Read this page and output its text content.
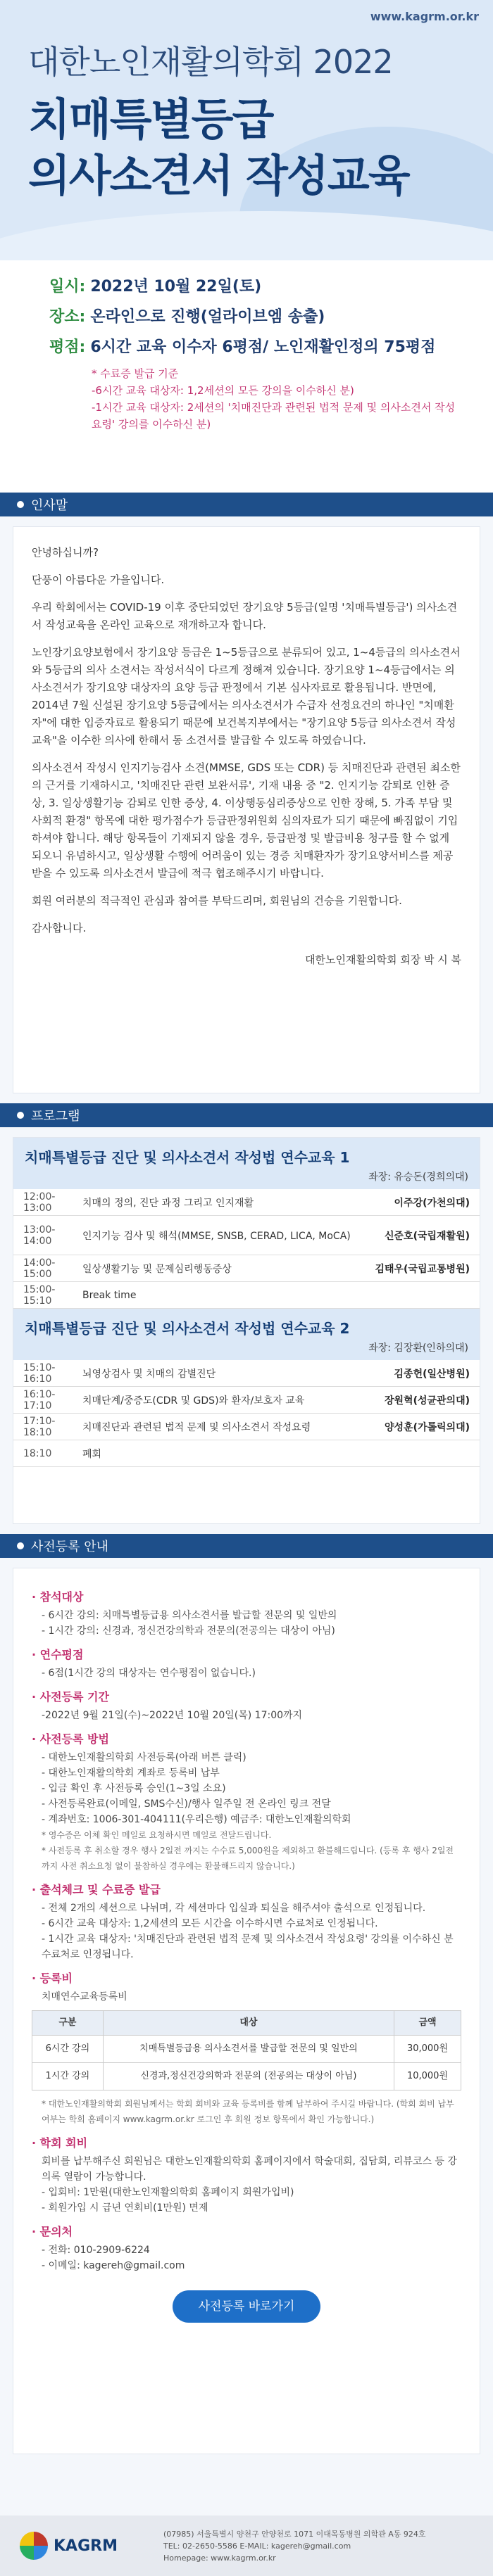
www.kagrm.or.kr
대한노인재활의학회 2022
치매특별등급
의사소견서 작성교육
일시: 2022년 10월 22일(토)
장소: 온라인으로 진행(얼라이브엠 송출)
평점: 6시간 교육 이수자 6평점/ 노인재활인정의 75평점
* 수료증 발급 기준
-6시간 교육 대상자: 1,2세션의 모든 강의을 이수하신 분)
-1시간 교육 대상자: 2세션의 '치매진단과 관련된 법적 문제 및 의사소견서 작성요령' 강의를 이수하신 분)
인사말

안녕하십니까?

단풍이 아름다운 가을입니다.

우리 학회에서는 COVID-19 이후 중단되었던 장기요양 5등급(일명 '치매특별등급') 의사소견서 작성교육을 온라인 교육으로 재개하고자 합니다.

노인장기요양보험에서 장기요양 등급은 1~5등급으로 분류되어 있고, 1~4등급의 의사소견서와 5등급의 의사 소견서는 작성서식이 다르게 정해져 있습니다. 장기요양 1~4등급에서는 의사소견서가 장기요양 대상자의 요양 등급 판정에서 기본 심사자료로 활용됩니다. 반면에, 2014년 7월 신설된 장기요양 5등급에서는 의사소견서가 수급자 선정요건의 하나인 "치매환자"에 대한 입증자료로 활용되기 때문에 보건복지부에서는 "장기요양 5등급 의사소견서 작성교육"을 이수한 의사에 한해서 동 소견서를 발급할 수 있도록 하였습니다.

의사소견서 작성시 인지기능검사 소견(MMSE, GDS 또는 CDR) 등 치매진단과 관련된 최소한의 근거를 기재하시고, '치매진단 관련 보완서류', 기재 내용 중 "2. 인지기능 감퇴로 인한 증상, 3. 일상생활기능 감퇴로 인한 증상, 4. 이상행동심리증상으로 인한 장해, 5. 가족 부담 및 사회적 환경" 항목에 대한 평가점수가 등급판정위원회 심의자료가 되기 때문에 빠짐없이 기입하셔야 합니다. 해당 항목들이 기재되지 않을 경우, 등급판정 및 발급비용 청구를 할 수 없게 되오니 유념하시고, 일상생활 수행에 어려움이 있는 경증 치매환자가 장기요양서비스를 제공받을 수 있도록 의사소견서 발급에 적극 협조해주시기 바랍니다.

회원 여러분의 적극적인 관심과 참여를 부탁드리며, 회원님의 건승을 기원합니다.

감사합니다.

대한노인재활의학회 회장 박 시 복
프로그램
치매특별등급 진단 및 의사소견서 작성법 연수교육 1
좌장: 유승돈(경희의대)
12:00-13:00	치매의 정의, 진단 과정 그리고 인지재활	이주강(가천의대)
13:00-14:00	인지기능 검사 및 해석(MMSE, SNSB, CERAD, LICA, MoCA)	신준호(국립재활원)
14:00-15:00	일상생활기능 및 문제심리행동증상	김태우(국립교통병원)
15:00-15:10	Break time
치매특별등급 진단 및 의사소견서 작성법 연수교육 2
좌장: 김장환(인하의대)
15:10-16:10	뇌영상검사 및 치매의 감별진단	김종헌(일산병원)
16:10-17:10	치매단계/중증도(CDR 및 GDS)와 환자/보호자 교육	장원혁(성균관의대)
17:10-18:10	치매진단과 관련된 법적 문제 및 의사소견서 작성요령	양성훈(가톨릭의대)
18:10	폐회
사전등록 안내
· 참석대상
- 6시간 강의: 치매특별등급용 의사소견서를 발급할 전문의 및 일반의
- 1시간 강의: 신경과, 정신건강의학과 전문의(전공의는 대상이 아님)
· 연수평점
- 6점(1시간 강의 대상자는 연수평점이 없습니다.)
· 사전등록 기간
-2022년 9월 21일(수)~2022년 10월 20일(목) 17:00까지
· 사전등록 방법
- 대한노인재활의학회 사전등록(아래 버튼 클릭)
- 대한노인재활의학회 계좌로 등록비 납부
- 입금 확인 후 사전등록 승인(1~3일 소요)
- 사전등록완료(이메일, SMS수신)/행사 일주일 전 온라인 링크 전달
- 계좌번호: 1006-301-404111(우리은행) 예금주: 대한노인재활의학회
* 영수증은 이체 확인 메일로 요청하시면 메일로 전달드립니다.
* 사전등록 후 취소할 경우 행사 2일전 까지는 수수료 5,000원을 제외하고 환불해드립니다. (등록 후 행사 2일전까지 사전 취소요청 없이 불참하실 경우에는 환불해드리지 않습니다.)
· 출석체크 및 수료증 발급
- 전체 2개의 세션으로 나뉘며, 각 세션마다 입실과 퇴실을 해주셔야 출석으로 인정됩니다.
- 6시간 교육 대상자: 1,2세션의 모든 시간을 이수하시면 수료처로 인정됩니다.
- 1시간 교육 대상자: '치매진단과 관련된 법적 문제 및 의사소견서 작성요령' 강의를 이수하신 분 수료처로 인정됩니다.
· 등록비
치매연수교육등록비
구분	대상	금액
6시간 강의	치매특별등급용 의사소견서를 발급할 전문의 및 일반의	30,000원
1시간 강의	신경과,정신건강의학과 전문의 (전공의는 대상이 아님)	10,000원
* 대한노인재활의학회 회원님께서는 학회 회비와 교육 등록비를 함께 납부하여 주시길 바랍니다. (학회 회비 납부여부는 학회 홈페이지 www.kagrm.or.kr 로그인 후 회원 정보 항목에서 확인 가능합니다.)
· 학회 회비
회비를 납부해주신 회원님은 대한노인재활의학회 홈페이지에서 학술대회, 집담회, 리뷰코스 등 강의록 열람이 가능합니다.
- 입회비: 1만원(대한노인재활의학회 홈페이지 회원가입비)
- 회원가입 시 급년 연회비(1만원) 면제
· 문의처
- 전화: 010-2909-6224
- 이메일: kagereh@gmail.com
사전등록 바로가기
KAGRM
(07985) 서울특별시 양천구 안양천로 1071 이대목동병원 의학관 A동 924호
TEL: 02-2650-5586 E-MAIL: kagereh@gmail.com
Homepage: www.kagrm.or.kr
